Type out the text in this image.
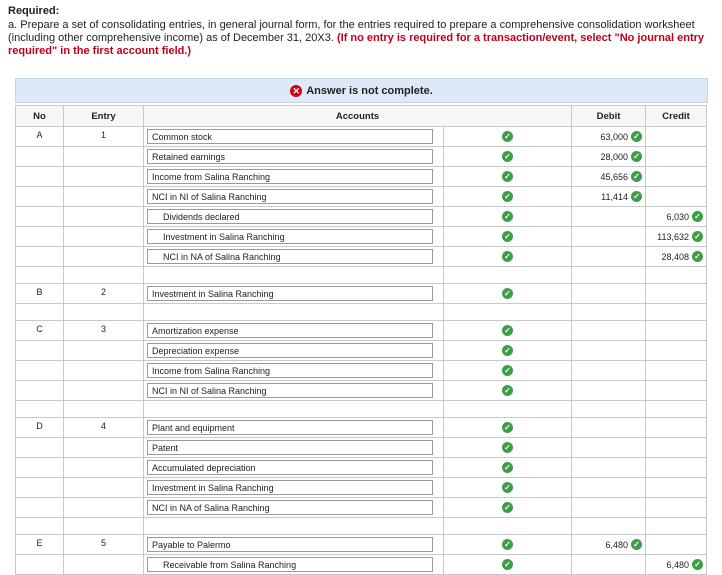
Required:
a. Prepare a set of consolidating entries, in general journal form, for the entries required to prepare a comprehensive consolidation worksheet (including other comprehensive income) as of December 31, 20X3. (If no entry is required for a transaction/event, select "No journal entry required" in the first account field.)
✕ Answer is not complete.
No	Entry	Accounts		Debit	Credit
A	1	Common stock	✓	63,000 ✓	

Retained earnings	✓	28,000 ✓	

Income from Salina Ranching	✓	45,656 ✓	

NCI in NI of Salina Ranching	✓	11,414 ✓	

Dividends declared	✓		6,030 ✓

Investment in Salina Ranching	✓		113,632 ✓

NCI in NA of Salina Ranching	✓		28,408 ✓

B	2	Investment in Salina Ranching	✓	

C	3	Amortization expense	✓	

Depreciation expense	✓	

Income from Salina Ranching	✓	

NCI in NI of Salina Ranching	✓	

D	4	Plant and equipment	✓	

Patent	✓	

Accumulated depreciation	✓	

Investment in Salina Ranching	✓	

NCI in NA of Salina Ranching	✓	

E	5	Payable to Palermo	✓	6,480 ✓	

Receivable from Salina Ranching	✓		6,480 ✓
